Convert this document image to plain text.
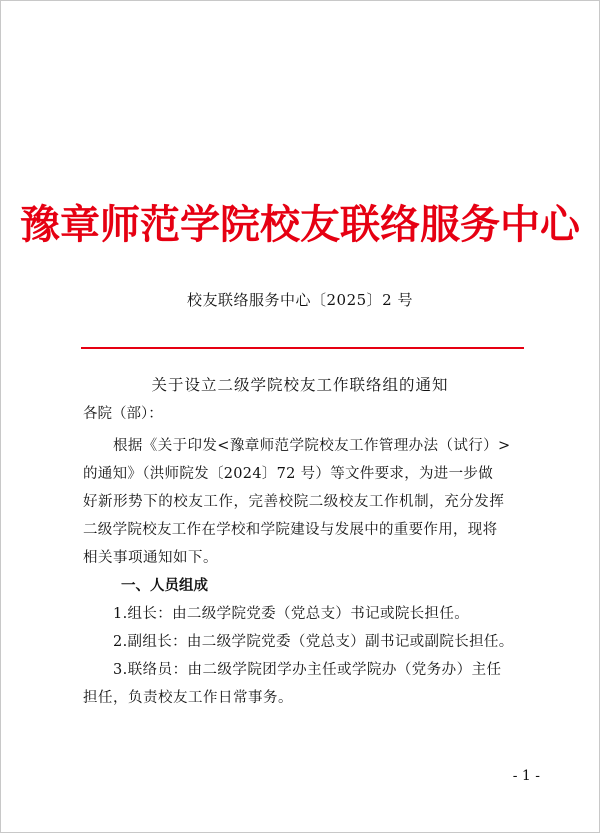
豫章师范学院校友联络服务中心
校友联络服务中心〔2025〕2 号
关于设立二级学院校友工作联络组的通知
各院（部）：
根据《关于印发<豫章师范学院校友工作管理办法（试行）>
的通知》（洪师院发〔2024〕72 号）等文件要求，为进一步做
好新形势下的校友工作，完善校院二级校友工作机制，充分发挥
二级学院校友工作在学校和学院建设与发展中的重要作用，现将
相关事项通知如下。
一、人员组成
1.组长：由二级学院党委（党总支）书记或院长担任。
2.副组长：由二级学院党委（党总支）副书记或副院长担任。
3.联络员：由二级学院团学办主任或学院办（党务办）主任
担任，负责校友工作日常事务。
- 1 -
